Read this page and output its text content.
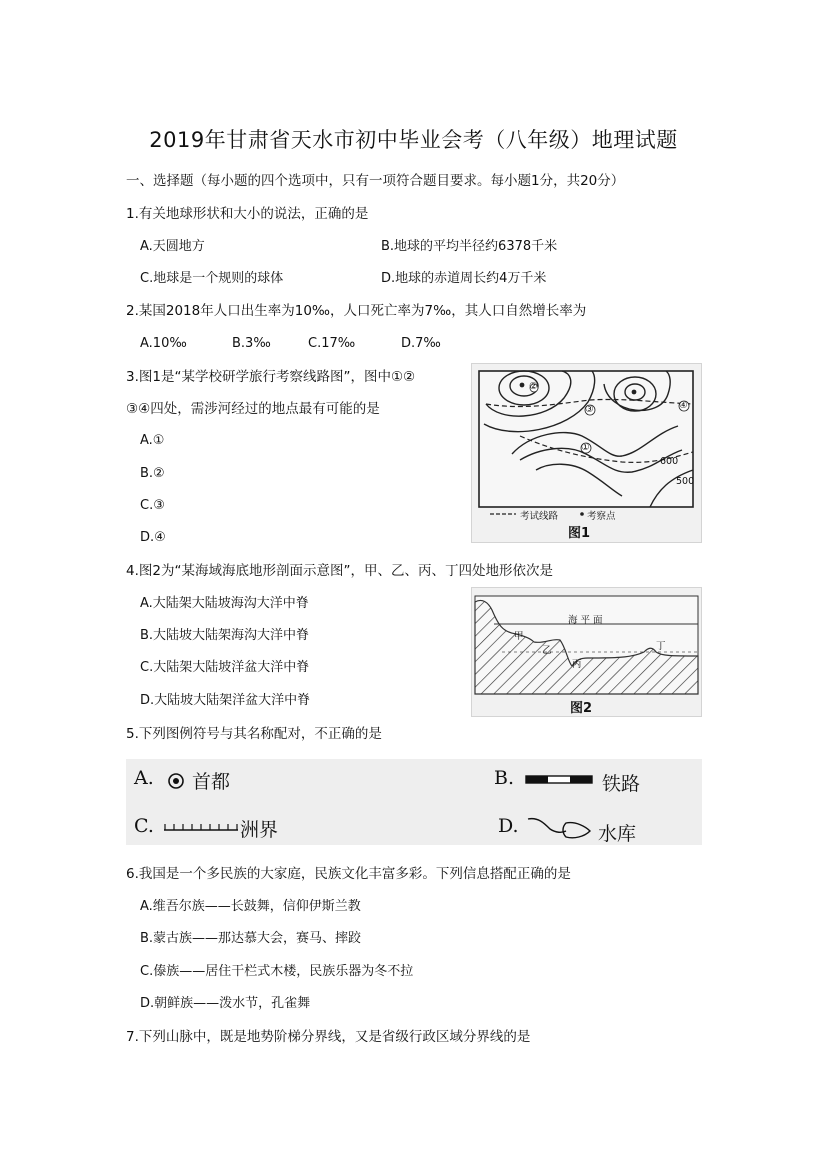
2019年甘肃省天水市初中毕业会考（八年级）地理试题
一、选择题（每小题的四个选项中，只有一项符合题目要求。每小题1分，共20分）
1.有关地球形状和大小的说法，正确的是
A.天圆地方	B.地球的平均半径约6378千米
C.地球是一个规则的球体	D.地球的赤道周长约4万千米
2.某国2018年人口出生率为10‰，人口死亡率为7‰，其人口自然增长率为
A.10‰	B.3‰	C.17‰	D.7‰
3.图1是“某学校研学旅行考察线路图”，图中①②
③④四处，需涉河经过的地点最有可能的是
A.①
B.②
C.③
D.④
②
③	④
①
600
500
考试线路	考察点
图1
4.图2为“某海域海底地形剖面示意图”，甲、乙、丙、丁四处地形依次是
A.大陆架大陆坡海沟大洋中脊
B.大陆坡大陆架海沟大洋中脊
C.大陆架大陆坡洋盆大洋中脊
D.大陆坡大陆架洋盆大洋中脊
海 平 面
甲
乙
丙
丁
图2
5.下列图例符号与其名称配对，不正确的是
A. 首都	B.	铁路
C.	洲界	D.	水库
6.我国是一个多民族的大家庭，民族文化丰富多彩。下列信息搭配正确的是
A.维吾尔族——长鼓舞，信仰伊斯兰教
B.蒙古族——那达慕大会，赛马、摔跤
C.傣族——居住干栏式木楼，民族乐器为冬不拉
D.朝鲜族——泼水节，孔雀舞
7.下列山脉中，既是地势阶梯分界线，又是省级行政区域分界线的是
